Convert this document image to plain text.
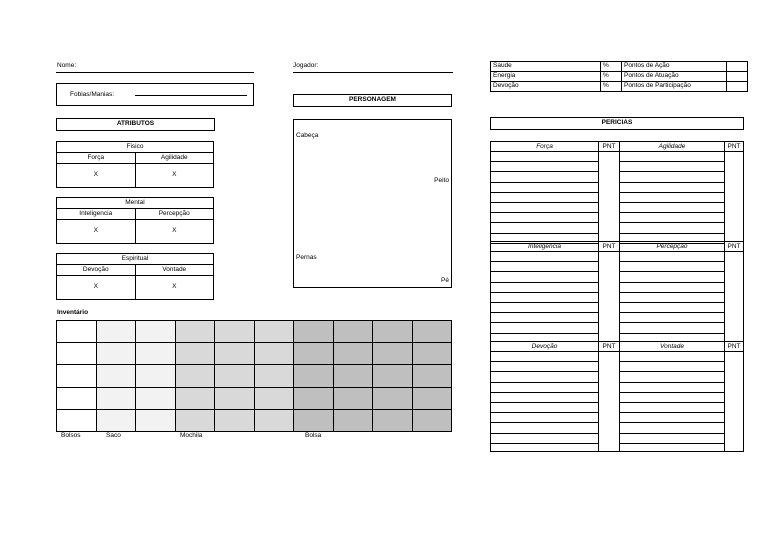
Nome:	Jogador:
Fobias/Manias:
Saude	%	Pontos de Ação	
Energia	%	Pontos de Atuação	
Devoção	%	Pontos de Participação	
PERSONAGEM
Cabeça
Peito
Pernas
Pé
ATRIBUTOS
Fisico
Força	Agilidade
X	X
Mental
Inteligencia	Percepção
X	X
Espiritual
Devoção	Vontade
X	X
Inventário
Bolsos	Saco	Mochila	Bolsa
PERICIAS
Força	PNT	Agilidade	PNT
Inteligencia	PNT	Percepção	PNT
Devoção	PNT	Vontade	PNT
